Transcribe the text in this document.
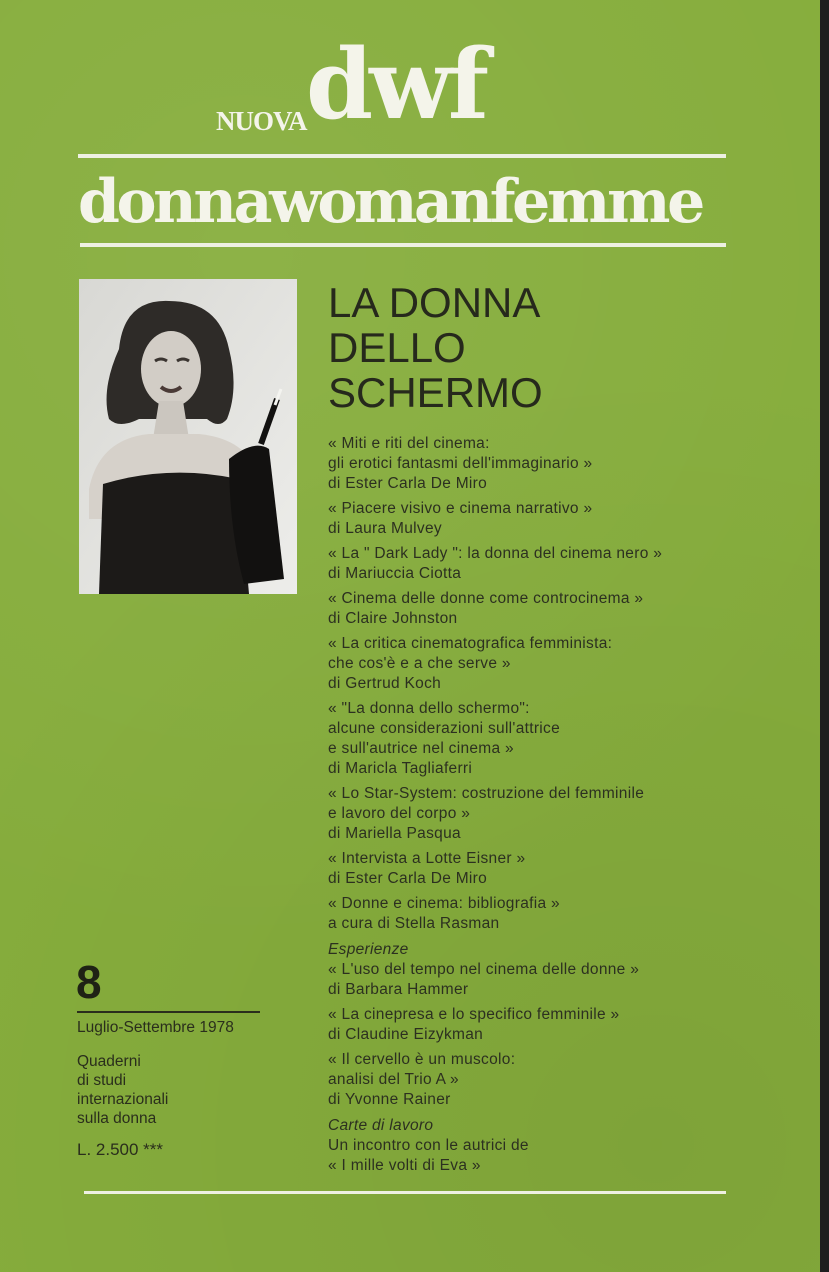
NUOVA dwf
donnawomanfemme
LA DONNA
DELLO
SCHERMO
« Miti e riti del cinema:
gli erotici fantasmi dell'immaginario »
di Ester Carla De Miro
« Piacere visivo e cinema narrativo »
di Laura Mulvey
« La " Dark Lady ": la donna del cinema nero »
di Mariuccia Ciotta
« Cinema delle donne come controcinema »
di Claire Johnston
« La critica cinematografica femminista:
che cos'è e a che serve »
di Gertrud Koch
« "La donna dello schermo":
alcune considerazioni sull'attrice
e sull'autrice nel cinema »
di Maricla Tagliaferri
« Lo Star-System: costruzione del femminile
e lavoro del corpo »
di Mariella Pasqua
« Intervista a Lotte Eisner »
di Ester Carla De Miro
« Donne e cinema: bibliografia »
a cura di Stella Rasman
Esperienze
« L'uso del tempo nel cinema delle donne »
di Barbara Hammer
« La cinepresa e lo specifico femminile »
di Claudine Eizykman
« Il cervello è un muscolo:
analisi del Trio A »
di Yvonne Rainer
Carte di lavoro
Un incontro con le autrici de
« I mille volti di Eva »
8
Luglio-Settembre 1978
Quaderni
di studi
internazionali
sulla donna
L. 2.500 ***
